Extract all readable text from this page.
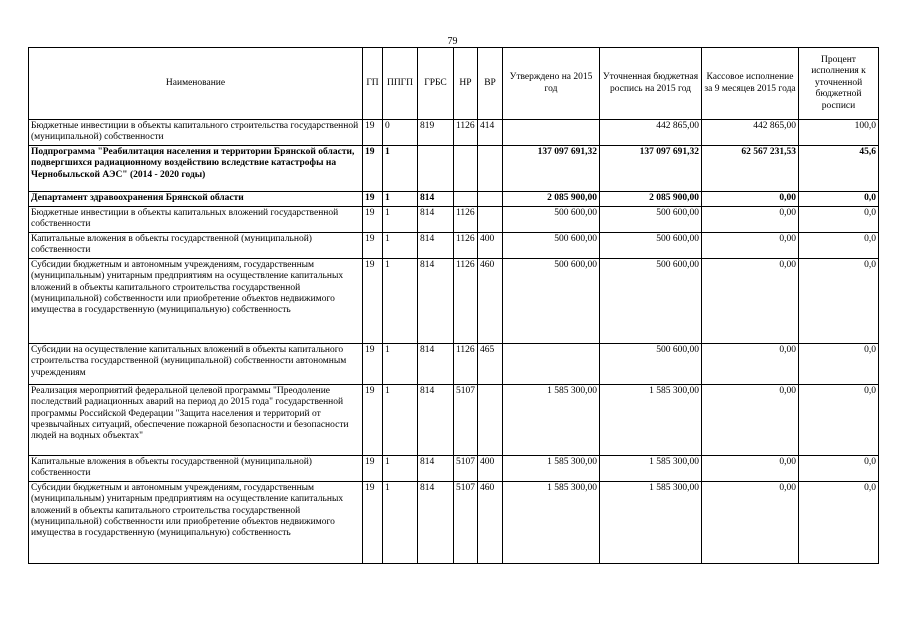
79
Наименование	ГП	ППГП	ГРБС	НР	ВР	Утверждено на 2015 год	Уточненная бюджетная роспись на 2015 год	Кассовое исполнение за 9 месяцев 2015 года	Процент исполнения к уточненной бюджетной росписи
Бюджетные инвестиции в объекты капитального строительства государственной (муниципальной) собственности	19	0	819	1126	414		442 865,00	442 865,00	100,0
Подпрограмма "Реабилитация населения и территории Брянской области, подвергшихся радиационному воздействию вследствие катастрофы на Чернобыльской АЭС" (2014 - 2020 годы)	19	1				137 097 691,32	137 097 691,32	62 567 231,53	45,6
Департамент здравоохранения Брянской области	19	1	814			2 085 900,00	2 085 900,00	0,00	0,0
Бюджетные инвестиции в объекты капитальных вложений государственной собственности	19	1	814	1126		500 600,00	500 600,00	0,00	0,0
Капитальные вложения в объекты государственной (муниципальной) собственности	19	1	814	1126	400	500 600,00	500 600,00	0,00	0,0
Субсидии бюджетным и автономным учреждениям, государственным (муниципальным) унитарным предприятиям на осуществление капитальных вложений в объекты капитального строительства государственной (муниципальной) собственности или приобретение объектов недвижимого имущества в государственную (муниципальную) собственность	19	1	814	1126	460	500 600,00	500 600,00	0,00	0,0
Субсидии на осуществление капитальных вложений в объекты капитального строительства государственной (муниципальной) собственности автономным учреждениям	19	1	814	1126	465		500 600,00	0,00	0,0
Реализация мероприятий федеральной целевой программы "Преодоление последствий радиационных аварий на период до 2015 года" государственной программы Российской Федерации "Защита населения и территорий от чрезвычайных ситуаций, обеспечение пожарной безопасности и безопасности людей на водных объектах"	19	1	814	5107		1 585 300,00	1 585 300,00	0,00	0,0
Капитальные вложения в объекты государственной (муниципальной) собственности	19	1	814	5107	400	1 585 300,00	1 585 300,00	0,00	0,0
Субсидии бюджетным и автономным учреждениям, государственным (муниципальным) унитарным предприятиям на осуществление капитальных вложений в объекты капитального строительства государственной (муниципальной) собственности или приобретение объектов недвижимого имущества в государственную (муниципальную) собственность	19	1	814	5107	460	1 585 300,00	1 585 300,00	0,00	0,0
